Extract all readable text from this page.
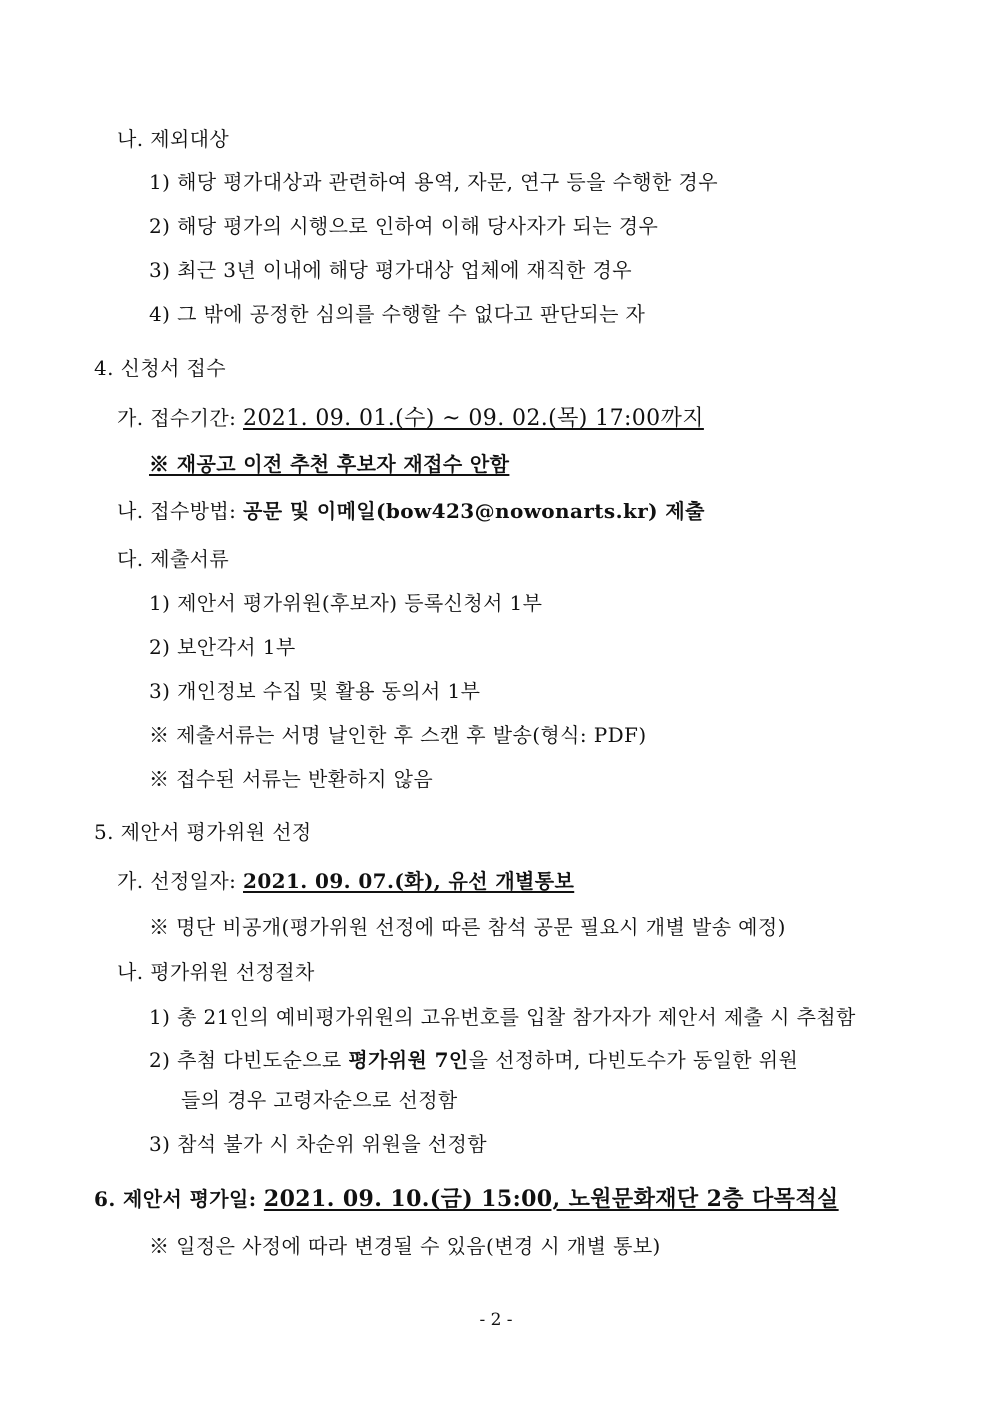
나. 제외대상
1) 해당 평가대상과 관련하여 용역, 자문, 연구 등을 수행한 경우
2) 해당 평가의 시행으로 인하여 이해 당사자가 되는 경우
3) 최근 3년 이내에 해당 평가대상 업체에 재직한 경우
4) 그 밖에 공정한 심의를 수행할 수 없다고 판단되는 자
4. 신청서 접수
가. 접수기간: 2021. 09. 01.(수) ~ 09. 02.(목) 17:00까지
※ 재공고 이전 추천 후보자 재접수 안함
나. 접수방법: 공문 및 이메일(bow423@nowonarts.kr) 제출
다. 제출서류
1) 제안서 평가위원(후보자) 등록신청서 1부
2) 보안각서 1부
3) 개인정보 수집 및 활용 동의서 1부
※ 제출서류는 서명 날인한 후 스캔 후 발송(형식: PDF)
※ 접수된 서류는 반환하지 않음
5. 제안서 평가위원 선정
가. 선정일자: 2021. 09. 07.(화), 유선 개별통보
※ 명단 비공개(평가위원 선정에 따른 참석 공문 필요시 개별 발송 예정)
나. 평가위원 선정절차
1) 총 21인의 예비평가위원의 고유번호를 입찰 참가자가 제안서 제출 시 추첨함
2) 추첨 다빈도순으로 평가위원 7인을 선정하며, 다빈도수가 동일한 위원
들의 경우 고령자순으로 선정함
3) 참석 불가 시 차순위 위원을 선정함
6. 제안서 평가일: 2021. 09. 10.(금) 15:00, 노원문화재단 2층 다목적실
※ 일정은 사정에 따라 변경될 수 있음(변경 시 개별 통보)
- 2 -
